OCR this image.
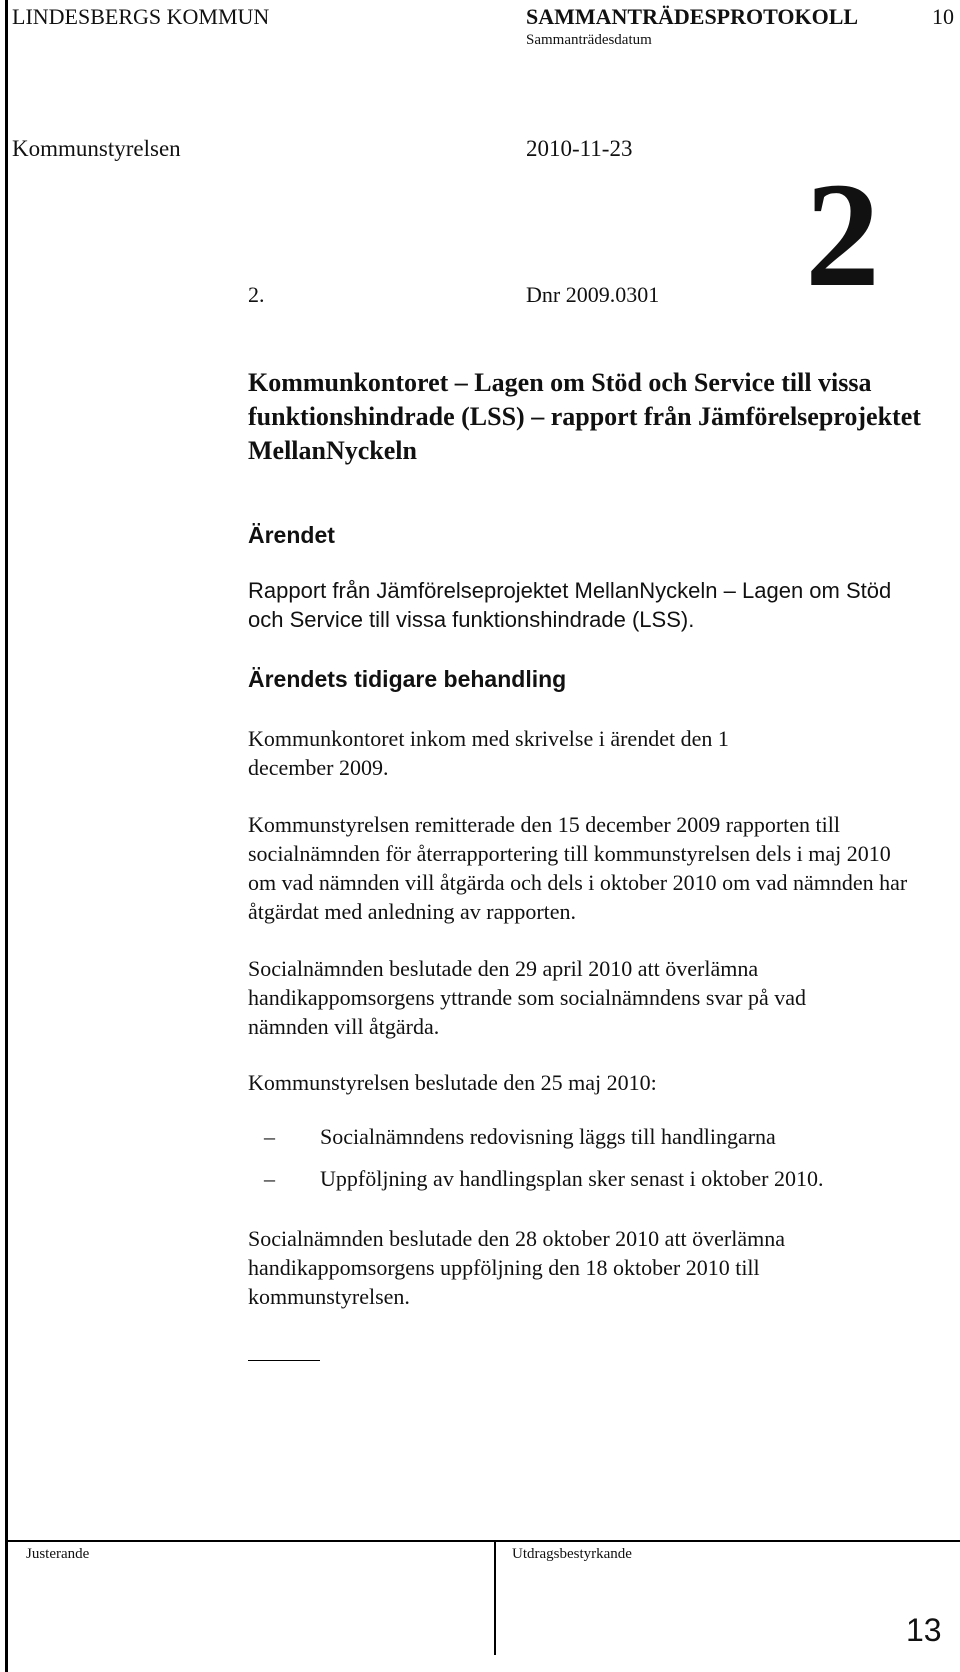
LINDESBERGS KOMMUN	SAMMANTRÄDESPROTOKOLL	10
Sammanträdesdatum
Kommunstyrelsen	2010-11-23
2.	Dnr 2009.0301 2
Kommunkontoret – Lagen om Stöd och Service till vissa funktionshindrade (LSS) – rapport från Jämförelseprojektet MellanNyckeln
Ärendet
Rapport från Jämförelseprojektet MellanNyckeln – Lagen om Stöd och Service till vissa funktionshindrade (LSS).
Ärendets tidigare behandling
Kommunkontoret inkom med skrivelse i ärendet den 1 december 2009.
Kommunstyrelsen remitterade den 15 december 2009 rapporten till socialnämnden för återrapportering till kommunstyrelsen dels i maj 2010 om vad nämnden vill åtgärda och dels i oktober 2010 om vad nämnden har åtgärdat med anledning av rapporten.
Socialnämnden beslutade den 29 april 2010 att överlämna handikappomsorgens yttrande som socialnämndens svar på vad nämnden vill åtgärda.
Kommunstyrelsen beslutade den 25 maj 2010:
– Socialnämndens redovisning läggs till handlingarna
– Uppföljning av handlingsplan sker senast i oktober 2010.
Socialnämnden beslutade den 28 oktober 2010 att överlämna handikappomsorgens uppföljning den 18 oktober 2010 till kommunstyrelsen.
Justerande	Utdragsbestyrkande
13
